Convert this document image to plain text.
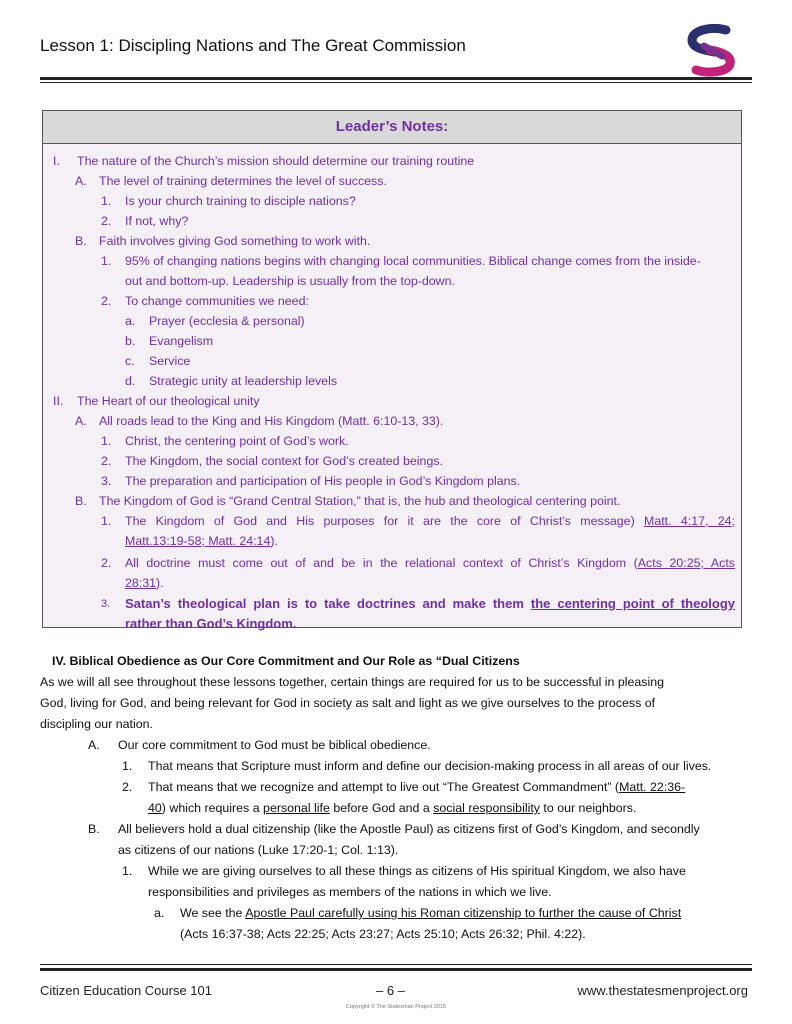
Lesson 1: Discipling Nations and The Great Commission
Leader’s Notes:
I. The nature of the Church’s mission should determine our training routine
A. The level of training determines the level of success.
1. Is your church training to disciple nations?
2. If not, why?
B. Faith involves giving God something to work with.
1. 95% of changing nations begins with changing local communities. Biblical change comes from the inside-
out and bottom-up. Leadership is usually from the top-down.
2. To change communities we need:
a. Prayer (ecclesia & personal)
b. Evangelism
c. Service
d. Strategic unity at leadership levels
II. The Heart of our theological unity
A. All roads lead to the King and His Kingdom (Matt. 6:10-13, 33).
1. Christ, the centering point of God’s work.
2. The Kingdom, the social context for God’s created beings.
3. The preparation and participation of His people in God’s Kingdom plans.
B. The Kingdom of God is “Grand Central Station,” that is, the hub and theological centering point.
1. The Kingdom of God and His purposes for it are the core of Christ’s message) Matt. 4:17, 24;
Matt.13:19-58; Matt. 24:14).
2. All doctrine must come out of and be in the relational context of Christ’s Kingdom (Acts 20:25; Acts
28:31).
3. Satan’s theological plan is to take doctrines and make them the centering point of theology
rather than God’s Kingdom.
IV. Biblical Obedience as Our Core Commitment and Our Role as “Dual Citizens
As we will all see throughout these lessons together, certain things are required for us to be successful in pleasing
God, living for God, and being relevant for God in society as salt and light as we give ourselves to the process of
discipling our nation.
A. Our core commitment to God must be biblical obedience.
1. That means that Scripture must inform and define our decision-making process in all areas of our lives.
2. That means that we recognize and attempt to live out “The Greatest Commandment” (Matt. 22:36-
40) which requires a personal life before God and a social responsibility to our neighbors.
B. All believers hold a dual citizenship (like the Apostle Paul) as citizens first of God’s Kingdom, and secondly
as citizens of our nations (Luke 17:20-1; Col. 1:13).
1. While we are giving ourselves to all these things as citizens of His spiritual Kingdom, we also have
responsibilities and privileges as members of the nations in which we live.
a. We see the Apostle Paul carefully using his Roman citizenship to further the cause of Christ
(Acts 16:37-38; Acts 22:25; Acts 23:27; Acts 25:10; Acts 26:32; Phil. 4:22).
Citizen Education Course 101	– 6 –	www.thestatesmenproject.org
Copyright © The Statesman Project 2015
